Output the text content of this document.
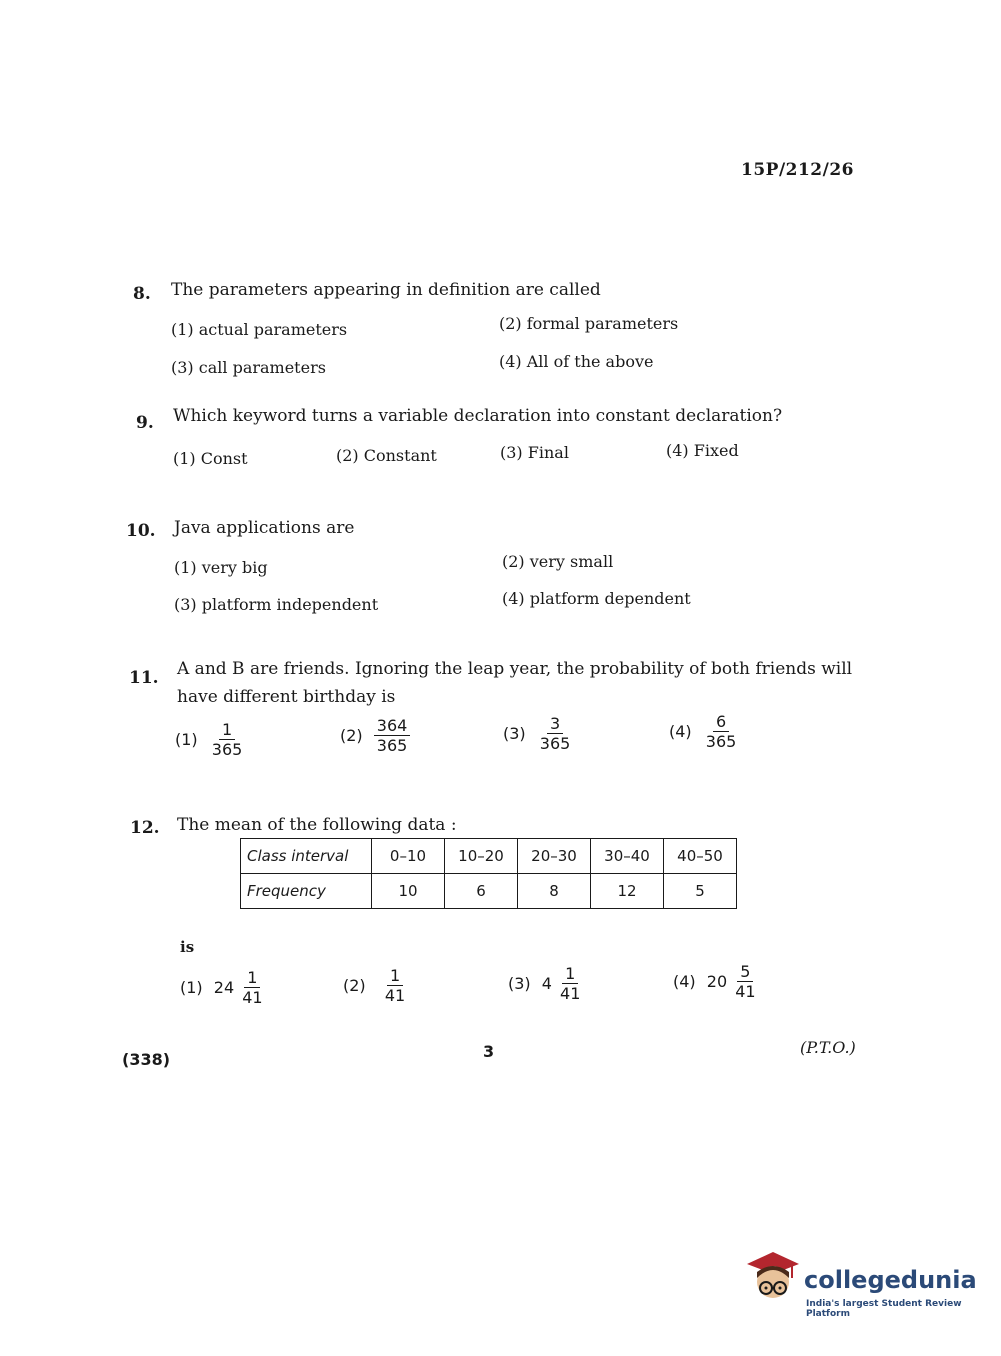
15P/212/26
8. The parameters appearing in definition are called
(1) actual parameters	(2) formal parameters
(3) call parameters	(4) All of the above
9. Which keyword turns a variable declaration into constant declaration?
(1) Const	(2) Constant	(3) Final	(4) Fixed
10. Java applications are
(1) very big	(2) very small
(3) platform independent	(4) platform dependent
11. A and B are friends. Ignoring the leap year, the probability of both friends will
have different birthday is
$(1) \frac{1}{365}$	$(2) \frac{364}{365}$	$(3) \frac{3}{365}$	$(4) \frac{6}{365}$
12. The mean of the following data :
Class interval	0–10	10–20	20–30	30–40	40–50
Frequency	10	6	8	12	5
is
(1) $24 \frac{1}{41}$	$(2) \frac{1}{41}$	(3) $4 \frac{1}{41}$	(4) $20 \frac{5}{41}$
(338)	3	(P.T.O.)
collegedunia
India's largest Student Review Platform
